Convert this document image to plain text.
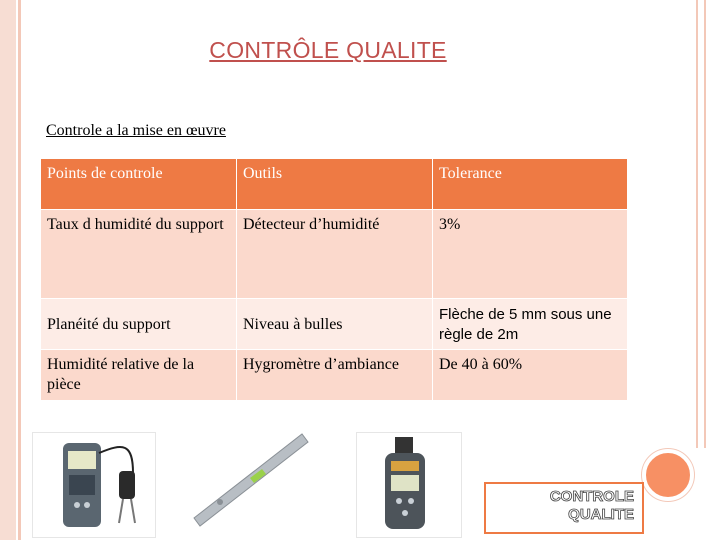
CONTRÔLE QUALITE
Controle a la mise en œuvre
Points de controle	Outils	Tolerance
Taux d humidité du support	Détecteur d’humidité	3%
Planéité du support	Niveau à bulles	Flèche de 5 mm sous une règle de 2m
Humidité relative de la pièce	Hygromètre d’ambiance	De 40 à 60%
CONTROLE
QUALITE
